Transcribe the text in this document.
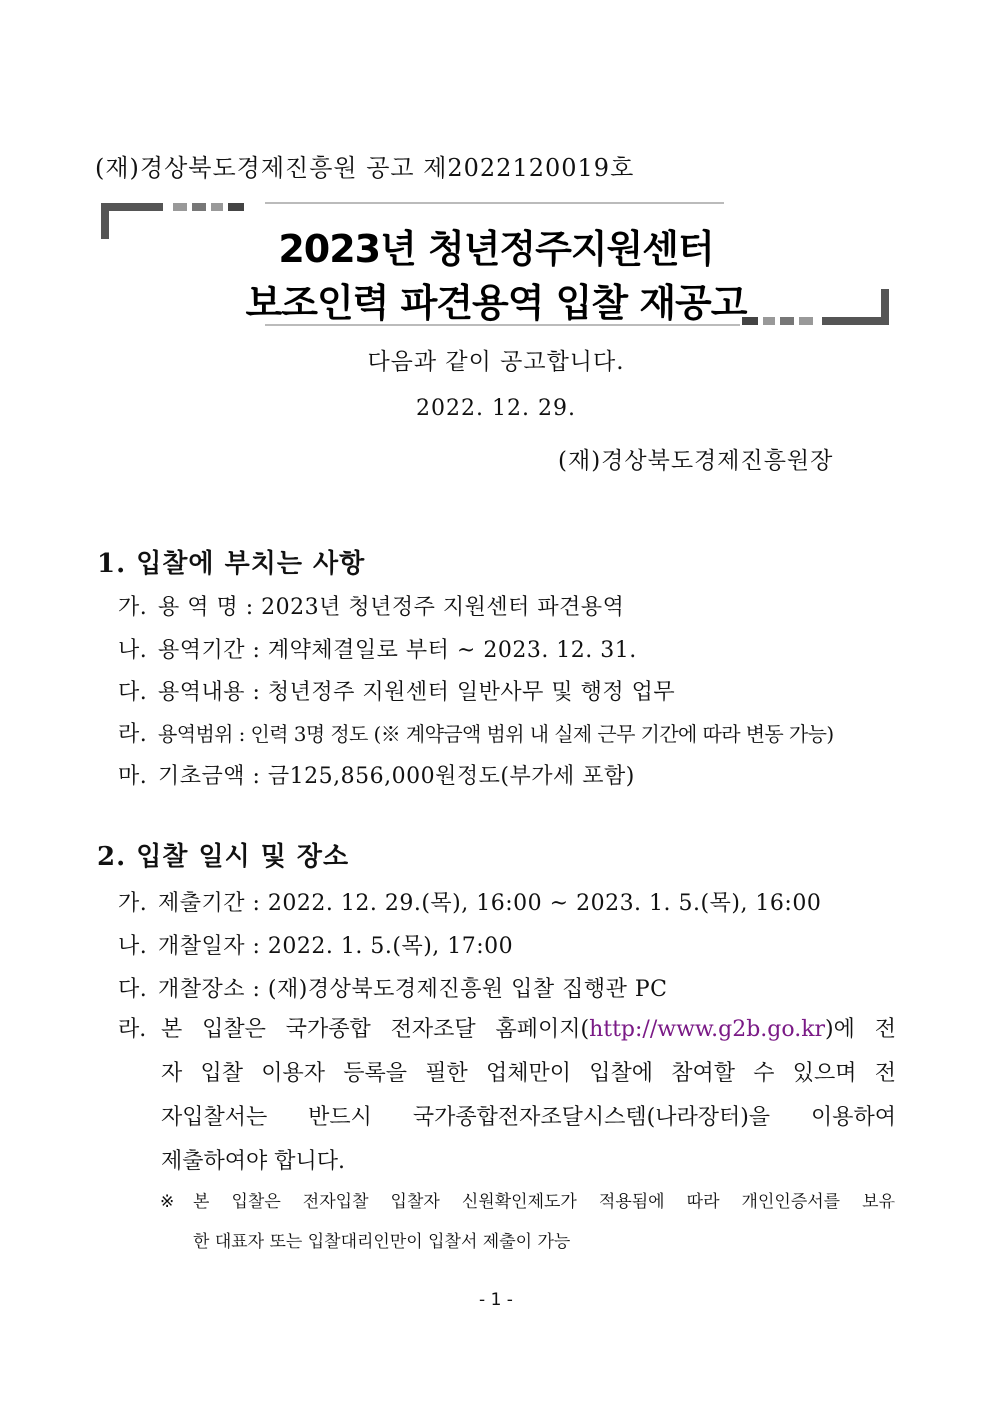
(재)경상북도경제진흥원 공고 제2022120019호
2023년 청년정주지원센터
보조인력 파견용역 입찰 재공고
다음과 같이 공고합니다.
2022. 12. 29.
(재)경상북도경제진흥원장
1. 입찰에 부치는 사항
가. 용 역 명 : 2023년 청년정주 지원센터 파견용역
나. 용역기간 : 계약체결일로 부터 ~ 2023. 12. 31.
다. 용역내용 : 청년정주 지원센터 일반사무 및 행정 업무
라. 용역범위 : 인력 3명 정도 (※ 계약금액 범위 내 실제 근무 기간에 따라 변동 가능)
마. 기초금액 : 금125,856,000원정도(부가세 포함)
2. 입찰 일시 및 장소
가. 제출기간 : 2022. 12. 29.(목), 16:00 ~ 2023. 1. 5.(목), 16:00
나. 개찰일자 : 2022. 1. 5.(목), 17:00
다. 개찰장소 : (재)경상북도경제진흥원 입찰 집행관 PC
라. 본 입찰은 국가종합 전자조달 홈페이지(http://www.g2b.go.kr)에 전
자 입찰 이용자 등록을 필한 업체만이 입찰에 참여할 수 있으며 전
자입찰서는 반드시 국가종합전자조달시스템(나라장터)을 이용하여
제출하여야 합니다.
※ 본 입찰은 전자입찰 입찰자 신원확인제도가 적용됨에 따라 개인인증서를 보유
한 대표자 또는 입찰대리인만이 입찰서 제출이 가능
- 1 -
